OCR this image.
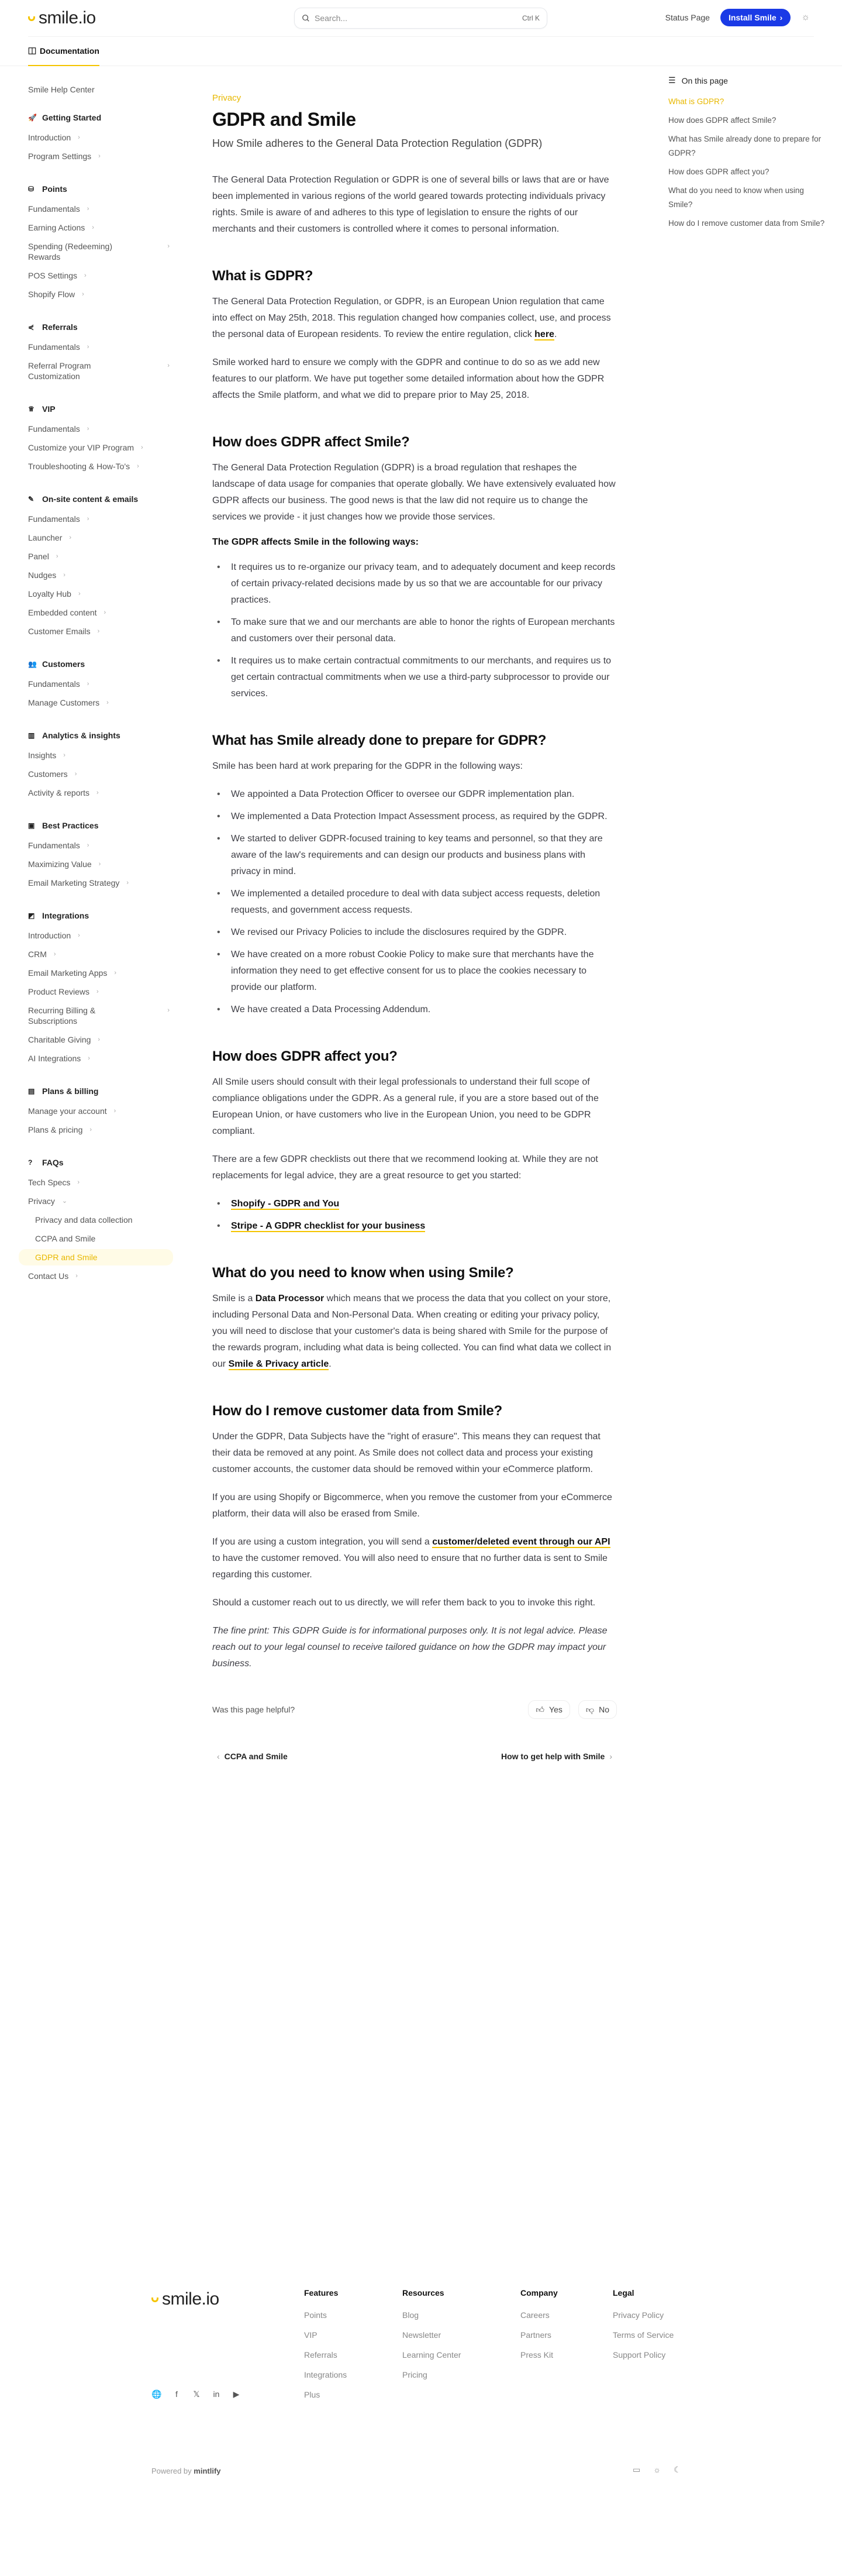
smile.io	Search...	Ctrl K	Status Page Install Smile › ☼
Documentation
Smile Help Center
🚀 Getting Started
Introduction ›
Program Settings ›
⛁ Points
Fundamentals ›
Earning Actions ›
Spending (Redeeming) Rewards
›
POS Settings ›
Shopify Flow ›
⋞ Referrals
Fundamentals ›
Referral Program Customization
›
♕ VIP
Fundamentals ›
Customize your VIP Program ›
Troubleshooting & How-To's ›
✎ On-site content & emails
Fundamentals ›
Launcher ›
Panel ›
Nudges ›
Loyalty Hub ›
Embedded content ›
Customer Emails ›
👥 Customers
Fundamentals ›
Manage Customers ›
▥ Analytics & insights
Insights ›
Customers ›
Activity & reports ›
▣ Best Practices
Fundamentals ›
Maximizing Value ›
Email Marketing Strategy ›
◩ Integrations
Introduction ›
CRM ›
Email Marketing Apps ›
Product Reviews ›
Recurring Billing & Subscriptions
›
Charitable Giving ›
AI Integrations ›
▤ Plans & billing
Manage your account ›
Plans & pricing ›
?	FAQs
Tech Specs ›
Privacy ⌄
Privacy and data collection
CCPA and Smile
GDPR and Smile
Contact Us ›
Privacy
GDPR and Smile
How Smile adheres to the General Data Protection Regulation (GDPR)

The General Data Protection Regulation or GDPR is one of several bills or laws that are or have been implemented in various regions of the world geared towards protecting individuals privacy rights. Smile is aware of and adheres to this type of legislation to ensure the rights of our merchants and their customers is controlled where it comes to personal information.

What is GDPR?

The General Data Protection Regulation, or GDPR, is an European Union regulation that came into effect on May 25th, 2018. This regulation changed how companies collect, use, and process the personal data of European residents. To review the entire regulation, click here.

Smile worked hard to ensure we comply with the GDPR and continue to do so as we add new features to our platform. We have put together some detailed information about how the GDPR affects the Smile platform, and what we did to prepare prior to May 25, 2018.

How does GDPR affect Smile?

The General Data Protection Regulation (GDPR) is a broad regulation that reshapes the landscape of data usage for companies that operate globally. We have extensively evaluated how GDPR affects our business. The good news is that the law did not require us to change the services we provide - it just changes how we provide those services.

The GDPR affects Smile in the following ways:
• It requires us to re-organize our privacy team, and to adequately document and keep records of certain privacy-related decisions made by us so that we are accountable for our privacy practices.
• To make sure that we and our merchants are able to honor the rights of European merchants and customers over their personal data.
• It requires us to make certain contractual commitments to our merchants, and requires us to get certain contractual commitments when we use a third-party subprocessor to provide our services.
What has Smile already done to prepare for GDPR?

Smile has been hard at work preparing for the GDPR in the following ways:

• We appointed a Data Protection Officer to oversee our GDPR implementation plan.
• We implemented a Data Protection Impact Assessment process, as required by the GDPR.
• We started to deliver GDPR-focused training to key teams and personnel, so that they are aware of the law's requirements and can design our products and business plans with privacy in mind.
• We implemented a detailed procedure to deal with data subject access requests, deletion requests, and government access requests.
• We revised our Privacy Policies to include the disclosures required by the GDPR.
• We have created on a more robust Cookie Policy to make sure that merchants have the information they need to get effective consent for us to place the cookies necessary to provide our platform.
• We have created a Data Processing Addendum.
How does GDPR affect you?

All Smile users should consult with their legal professionals to understand their full scope of compliance obligations under the GDPR. As a general rule, if you are a store based out of the European Union, or have customers who live in the European Union, you need to be GDPR compliant.

There are a few GDPR checklists out there that we recommend looking at. While they are not replacements for legal advice, they are a great resource to get you started:

• Shopify - GDPR and You
• Stripe - A GDPR checklist for your business
What do you need to know when using Smile?

Smile is a Data Processor which means that we process the data that you collect on your store, including Personal Data and Non-Personal Data. When creating or editing your privacy policy, you will need to disclose that your customer's data is being shared with Smile for the purpose of the rewards program, including what data is being collected. You can find what data we collect in our Smile & Privacy article.

How do I remove customer data from Smile?

Under the GDPR, Data Subjects have the "right of erasure". This means they can request that their data be removed at any point. As Smile does not collect data and process your existing customer accounts, the customer data should be removed within your eCommerce platform.

If you are using Shopify or Bigcommerce, when you remove the customer from your eCommerce platform, their data will also be erased from Smile.

If you are using a custom integration, you will send a customer/deleted event through our API to have the customer removed. You will also need to ensure that no further data is sent to Smile regarding this customer.

Should a customer reach out to us directly, we will refer them back to you to invoke this right.

The fine print: This GDPR Guide is for informational purposes only. It is not legal advice. Please reach out to your legal counsel to receive tailored guidance on how the GDPR may impact your business.

Was this page helpful?	👍︎ Yes	👎︎ No
‹ CCPA and Smile	How to get help with Smile ›
☰ On this page
What is GDPR?
How does GDPR affect Smile?
What has Smile already done to prepare for GDPR?
How does GDPR affect you?
What do you need to know when using Smile?
How do I remove customer data from Smile?
smile.io
🌐	f	𝕏 in ▶
Powered by mintlify	▭ ☼ ☾
Features
Points
VIP
Referrals
Integrations
Plus
Resources
Blog
Newsletter
Learning Center
Pricing
Company
Careers
Partners
Press Kit
Legal
Privacy Policy
Terms of Service
Support Policy
